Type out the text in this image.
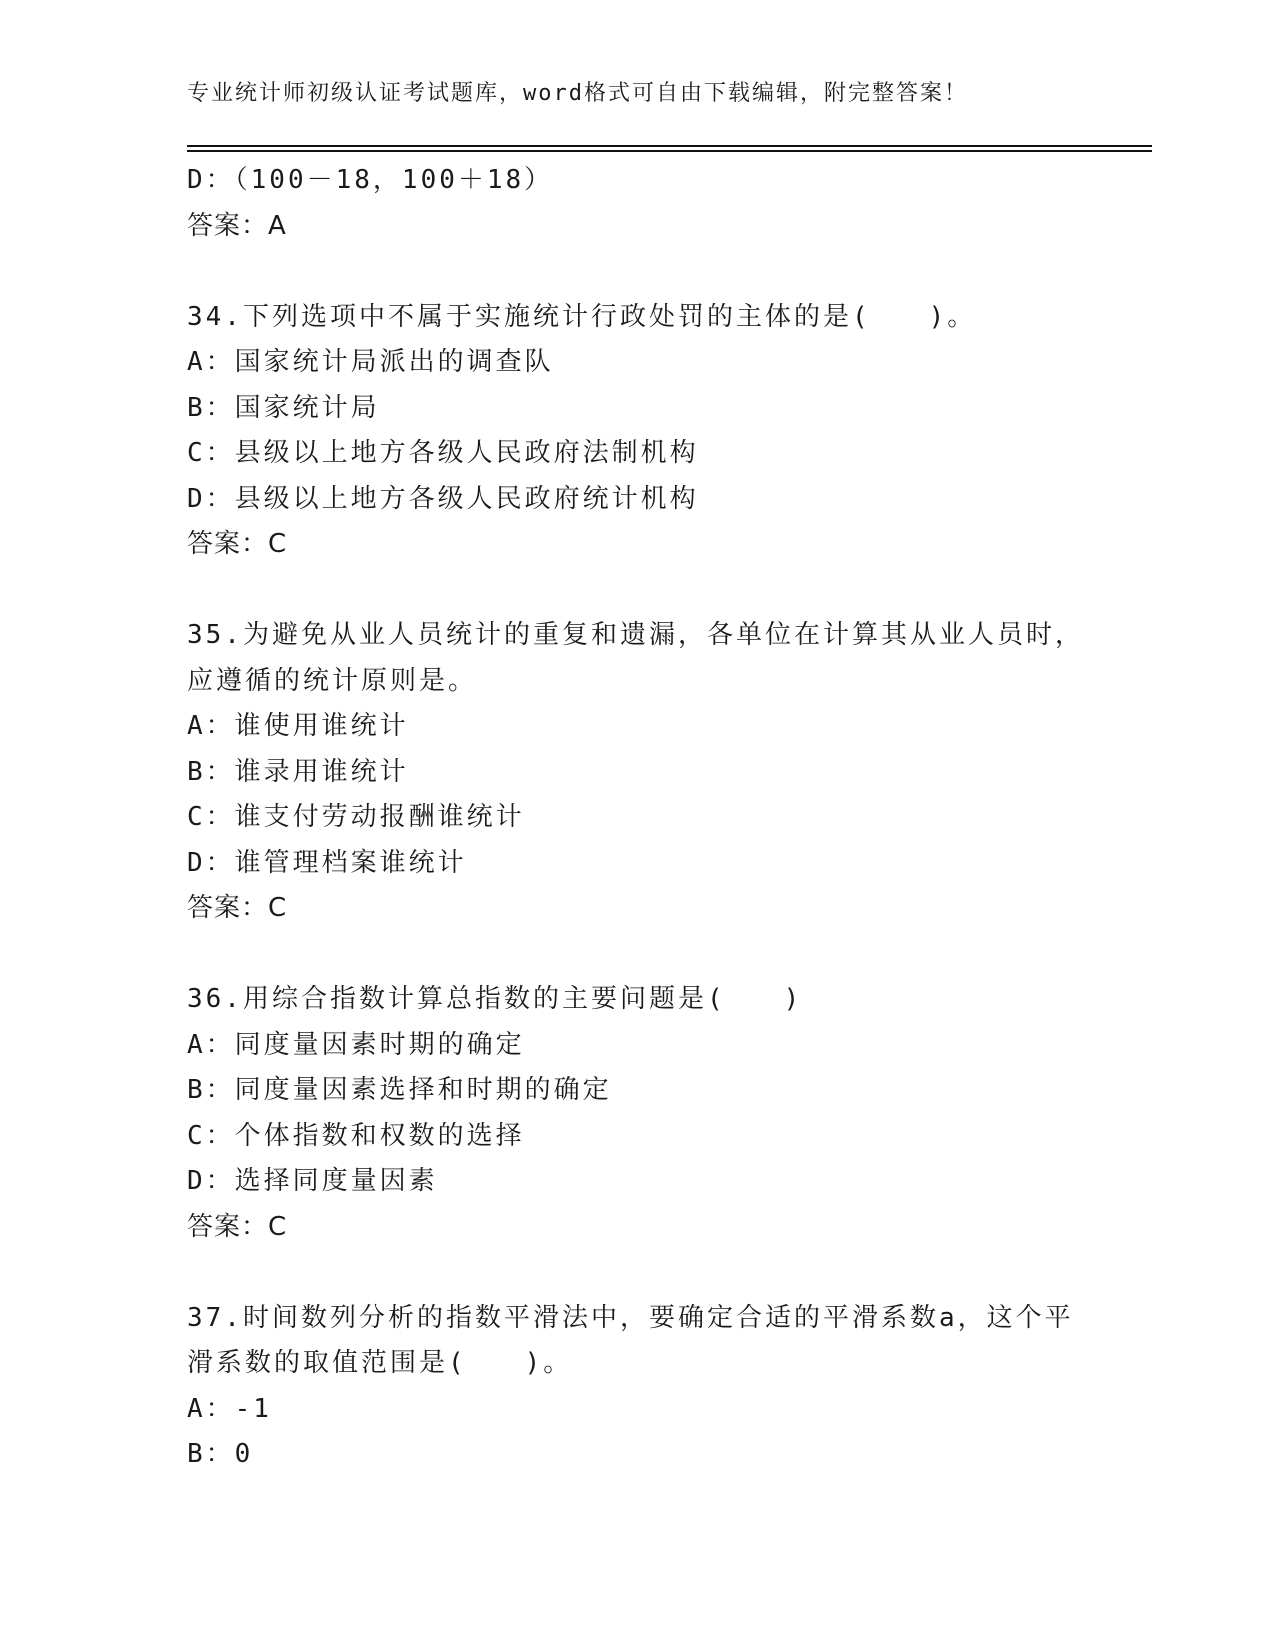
专业统计师初级认证考试题库，word格式可自由下载编辑，附完整答案！
D：（100－18，100＋18）
答案：A
34.下列选项中不属于实施统计行政处罚的主体的是(　　)。
A：国家统计局派出的调查队
B：国家统计局
C：县级以上地方各级人民政府法制机构
D：县级以上地方各级人民政府统计机构
答案：C
35.为避免从业人员统计的重复和遗漏，各单位在计算其从业人员时，
应遵循的统计原则是。
A：谁使用谁统计
B：谁录用谁统计
C：谁支付劳动报酬谁统计
D：谁管理档案谁统计
答案：C
36.用综合指数计算总指数的主要问题是(　　)
A：同度量因素时期的确定
B：同度量因素选择和时期的确定
C：个体指数和权数的选择
D：选择同度量因素
答案：C
37.时间数列分析的指数平滑法中，要确定合适的平滑系数a，这个平
滑系数的取值范围是(　　)。
A：-1
B：0
